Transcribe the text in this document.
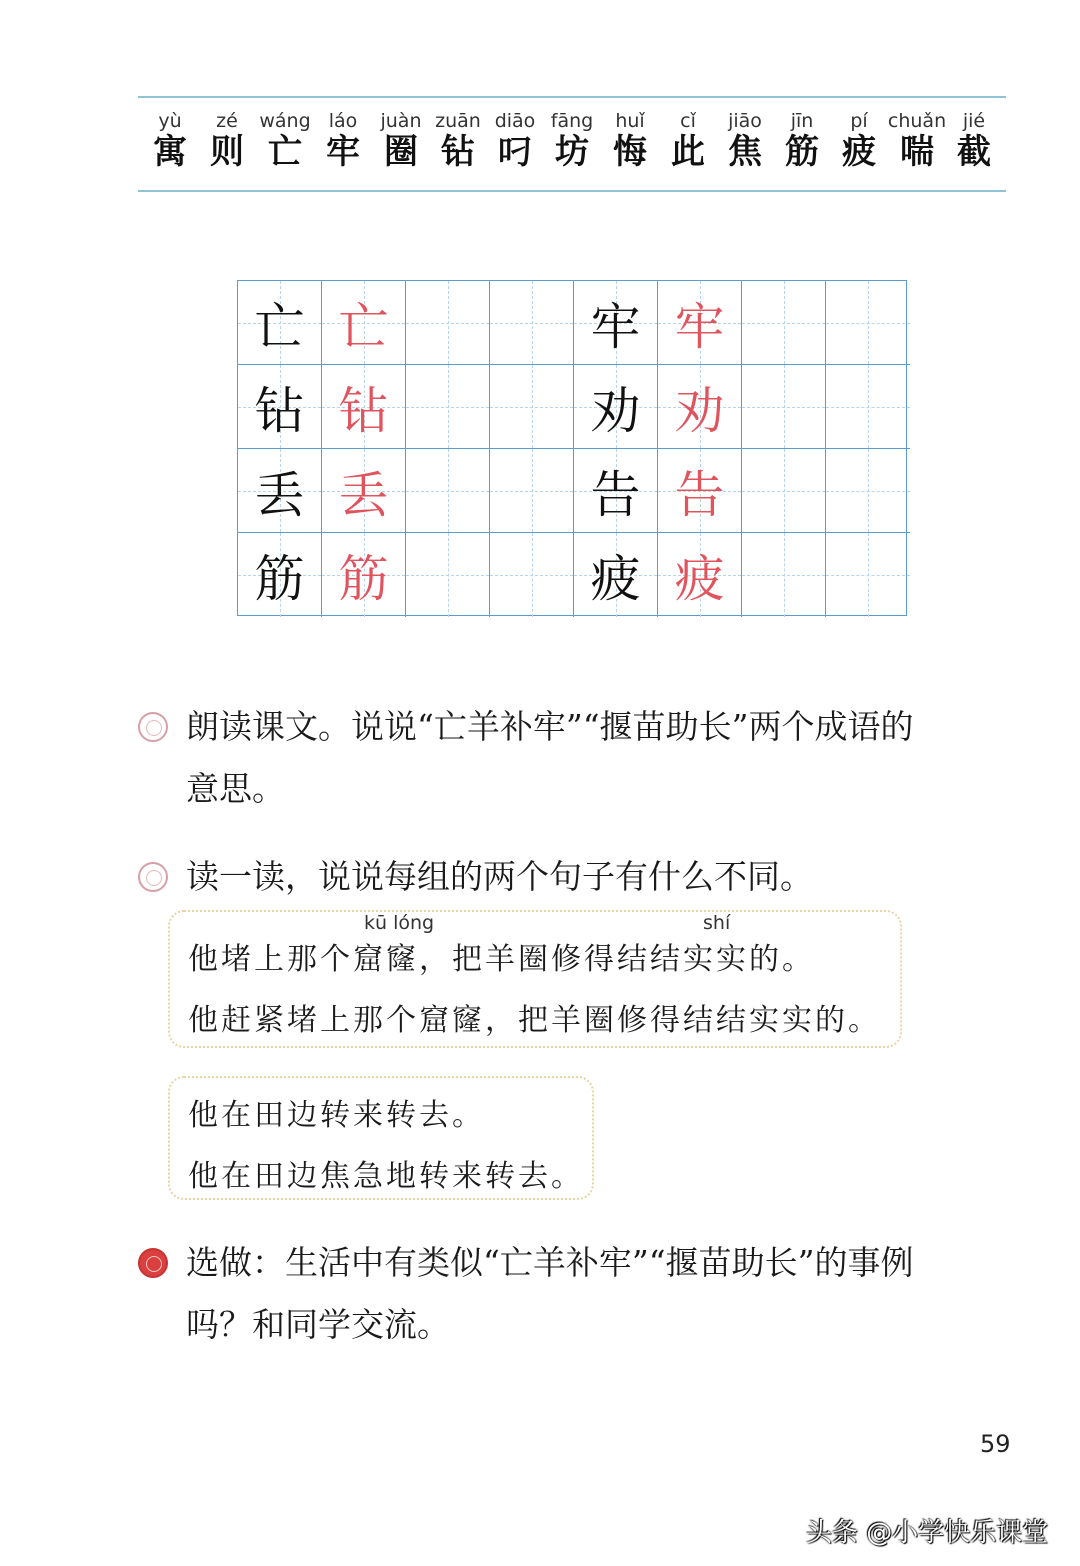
yù
寓
zé
则
wáng
亡
láo
牢
juàn
圈
zuān
钻
diāo
叼
fāng
坊
huǐ
悔
cǐ
此
jiāo
焦
jīn
筋
pí
疲
chuǎn
喘
jié
截
亡 亡	牢 牢
钻 钻	劝 劝
丢 丢	告 告
筋 筋	疲 疲
朗读课文。说说“亡羊补牢”“揠苗助长”两个成语的
意思。
读一读，说说每组的两个句子有什么不同。
kū lóng	shí
他堵上那个窟窿，把羊圈修得结结实实的。
他赶紧堵上那个窟窿，把羊圈修得结结实实的。
他在田边转来转去。
他在田边焦急地转来转去。
选做：生活中有类似“亡羊补牢”“揠苗助长”的事例
吗？和同学交流。
59
头条 @小学快乐课堂
